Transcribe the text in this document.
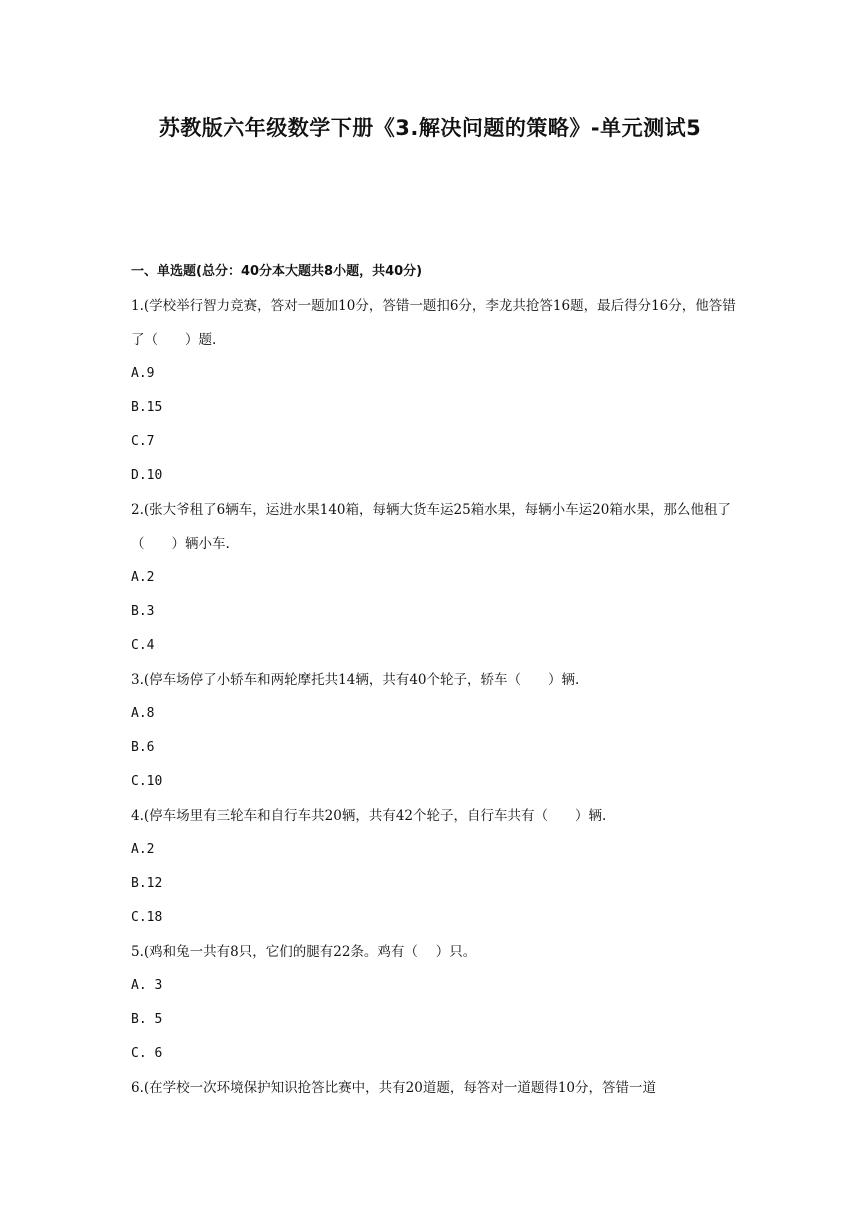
苏教版六年级数学下册《3.解决问题的策略》-单元测试5

一、单选题(总分：40分本大题共8小题，共40分)

1.(学校举行智力竞赛，答对一题加10分，答错一题扣6分，李龙共抢答16题，最后得分16分，他答错了（　　）题.

A.9

B.15

C.7

D.10

2.(张大爷租了6辆车，运进水果140箱，每辆大货车运25箱水果，每辆小车运20箱水果，那么他租了（　　）辆小车.

A.2

B.3

C.4

3.(停车场停了小轿车和两轮摩托共14辆，共有40个轮子，轿车（　　）辆.

A.8

B.6

C.10

4.(停车场里有三轮车和自行车共20辆，共有42个轮子，自行车共有（　　）辆.

A.2

B.12

C.18

5.(鸡和兔一共有8只，它们的腿有22条。鸡有（　 ）只。

A. 3

B. 5

C. 6

6.(在学校一次环境保护知识抢答比赛中，共有20道题，每答对一道题得10分，答错一道
